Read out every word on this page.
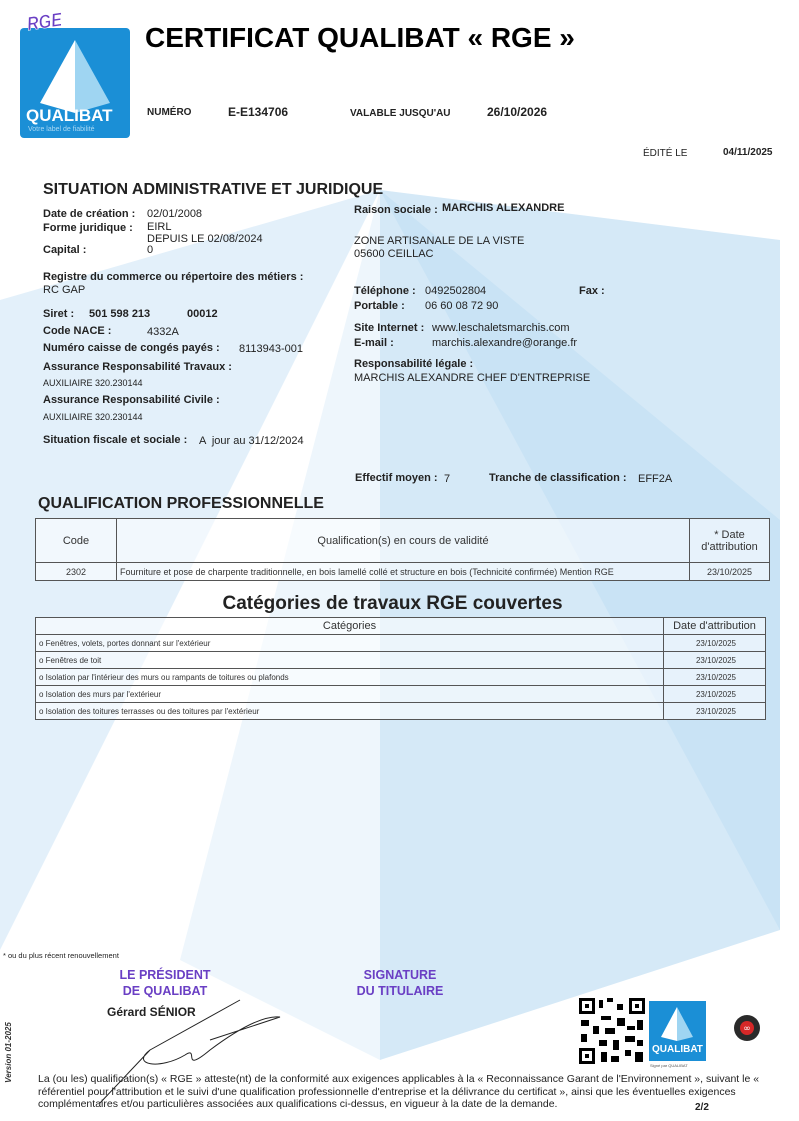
QUALIBAT
Votre label de fiabilité
RGE	CERTIFICAT QUALIBAT « RGE »
NUMÉRO	E-E134706	VALABLE JUSQU'AU	26/10/2026
ÉDITÉ LE	04/11/2025
SITUATION ADMINISTRATIVE ET JURIDIQUE
Date de création : 02/01/2008
Forme juridique : EIRL
DEPUIS LE 02/08/2024
Capital :	0
Registre du commerce ou répertoire des métiers :
RC GAP
Siret : 501 598 213	00012
Code NACE :	4332A
Numéro caisse de congés payés : 8113943-001
Assurance Responsabilité Travaux :
AUXILIAIRE 320.230144
Assurance Responsabilité Civile :
AUXILIAIRE 320.230144
Situation fiscale et sociale : A  jour au 31/12/2024
Raison sociale : MARCHIS ALEXANDRE
ZONE ARTISANALE DE LA VISTE
05600 CEILLAC
Téléphone : 0492502804	Fax :
Portable : 06 60 08 72 90
Site Internet : www.leschaletsmarchis.com
E-mail :	marchis.alexandre@orange.fr
Responsabilité légale :
MARCHIS ALEXANDRE CHEF D'ENTREPRISE
Effectif moyen : 7	Tranche de classification : EFF2A
QUALIFICATION PROFESSIONNELLE
Code	Qualification(s) en cours de validité	* Date d'attribution
2302	Fourniture et pose de charpente traditionnelle, en bois lamellé collé et structure en bois (Technicité confirmée) Mention RGE	23/10/2025
Catégories de travaux RGE couvertes
Catégories	Date d'attribution
o Fenêtres, volets, portes donnant sur l'extérieur	23/10/2025
o Fenêtres de toit	23/10/2025
o Isolation par l'intérieur des murs ou rampants de toitures ou plafonds	23/10/2025
o Isolation des murs par l'extérieur	23/10/2025
o Isolation des toitures terrasses ou des toitures par l'extérieur	23/10/2025
* ou du plus récent renouvellement
LE PRÉSIDENT
DE QUALIBAT
SIGNATURE
DU TITULAIRE
Gérard SÉNIOR
QUALIBAT
Signé par QUALIBAT
∞
Version 01-2025 La (ou les) qualification(s) « RGE » atteste(nt) de la conformité aux exigences applicables à la « Reconnaissance Garant de l'Environnement », suivant le « référentiel pour l'attribution et le suivi d'une qualification professionnelle d'entreprise et la délivrance du certificat », ainsi que les éventuelles exigences complémentaires et/ou particulières associées aux qualifications ci-dessus, en vigueur à la date de la demande.	2/2
